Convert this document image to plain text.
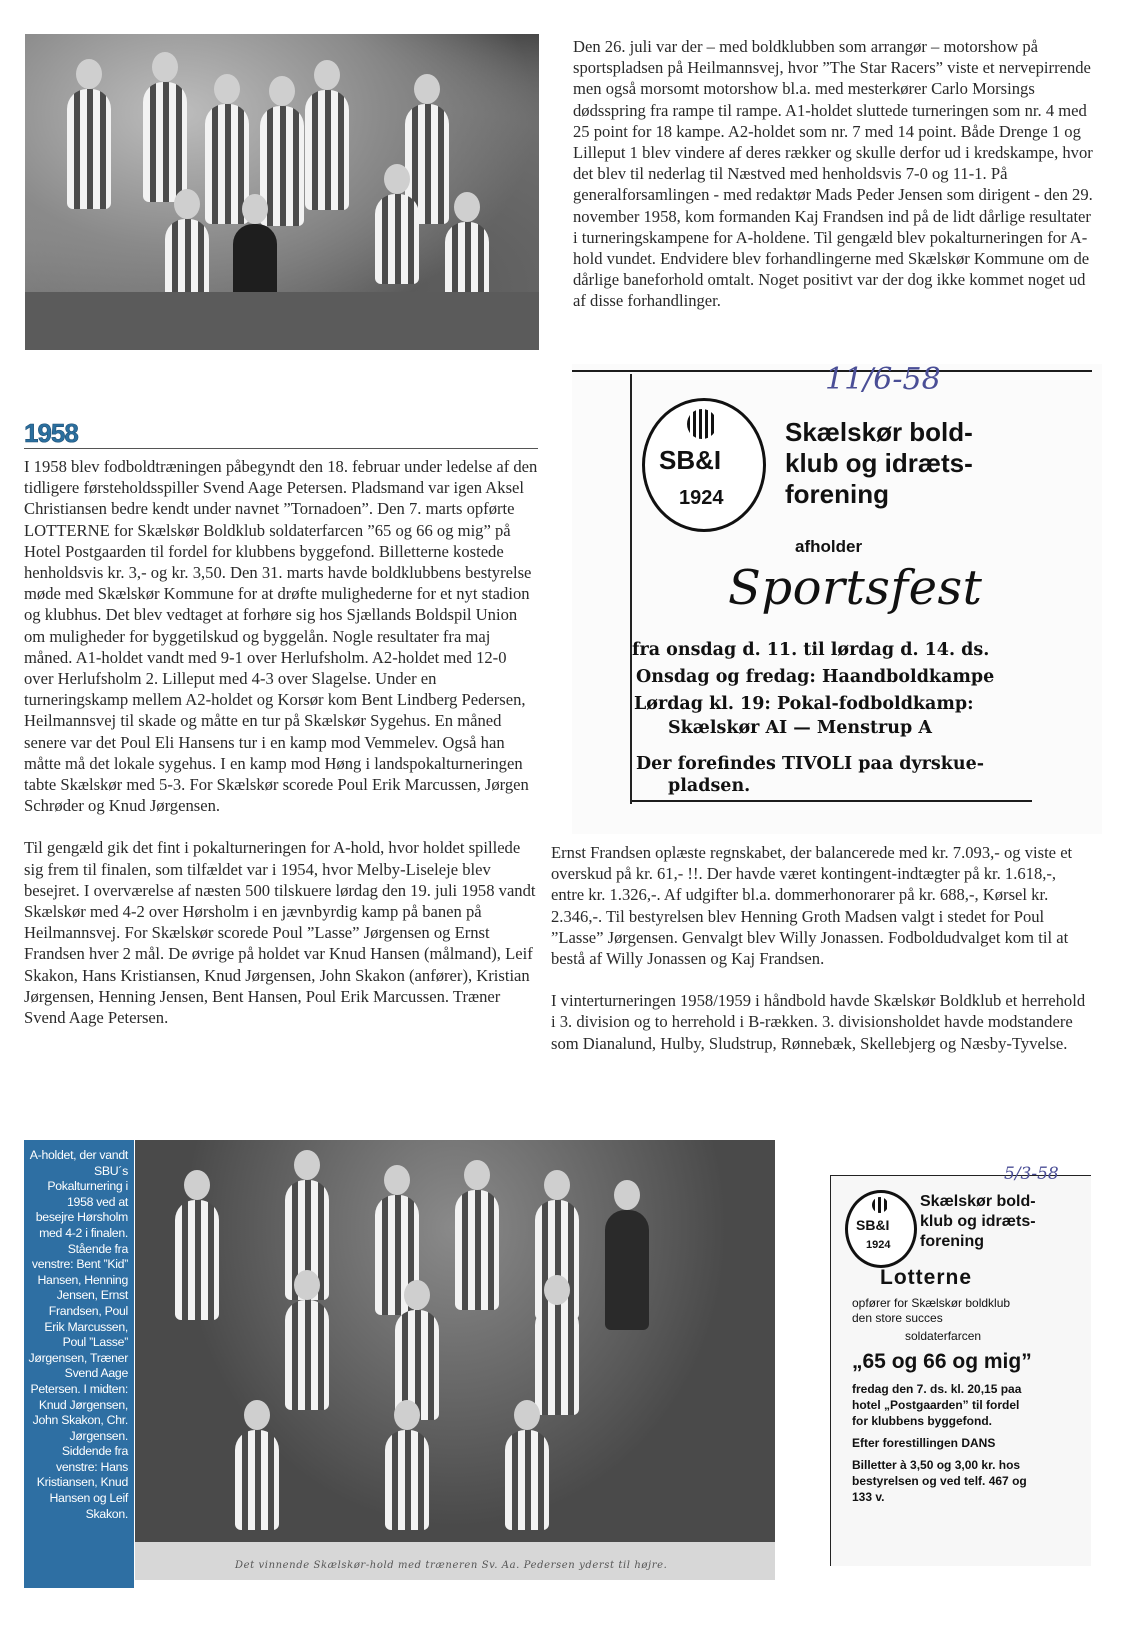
2. holdet 1957. Stående fra venstre: Tommy Bune, Per Jensen, Vagn-Aage Andersen, Eivind Johnsen og Walther Larsen. I midten fra venstre: Ole Nielsen, John Schmidt og Leif Skakon. Forrest fra venstre: Carl-Erik Jensen, Ingo Jørgensen og Kurt Andersen.
1958

I 1958 blev fodboldtræningen påbegyndt den 18. februar under ledelse af den tidligere førsteholdsspiller Svend Aage Petersen. Pladsmand var igen Aksel Christiansen bedre kendt under navnet ”Tornadoen”. Den 7. marts opførte LOTTERNE for Skælskør Boldklub soldaterfarcen ”65 og 66 og mig” på Hotel Postgaarden til fordel for klubbens byggefond. Billetterne kostede henholdsvis kr. 3,- og kr. 3,50. Den 31. marts havde boldklubbens bestyrelse møde med Skælskør Kommune for at drøfte mulighederne for et nyt stadion og klubhus. Det blev vedtaget at forhøre sig hos Sjællands Boldspil Union om muligheder for byggetilskud og byggelån. Nogle resultater fra maj måned. A1-holdet vandt med 9-1 over Herlufsholm. A2-holdet med 12-0 over Herlufsholm 2. Lilleput med 4-3 over Slagelse. Under en turneringskamp mellem A2-holdet og Korsør kom Bent Lindberg Pedersen, Heilmannsvej til skade og måtte en tur på Skælskør Sygehus. En måned senere var det Poul Eli Hansens tur i en kamp mod Vemmelev. Også han måtte må det lokale sygehus. I en kamp mod Høng i landspokalturneringen tabte Skælskør med 5-3. For Skælskør scorede Poul Erik Marcussen, Jørgen Schrøder og Knud Jørgensen.

Til gengæld gik det fint i pokalturneringen for A-hold, hvor holdet spillede sig frem til finalen, som tilfældet var i 1954, hvor Melby-Liseleje blev besejret. I overværelse af næsten 500 tilskuere lørdag den 19. juli 1958 vandt Skælskør med 4-2 over Hørsholm i en jævnbyrdig kamp på banen på Heilmannsvej. For Skælskør scorede Poul ”Lasse” Jørgensen og Ernst Frandsen hver 2 mål. De øvrige på holdet var Knud Hansen (målmand), Leif Skakon, Hans Kristiansen, Knud Jørgensen, John Skakon (anfører), Kristian Jørgensen, Henning Jensen, Bent Hansen, Poul Erik Marcussen. Træner Svend Aage Petersen.

Den 26. juli var der – med boldklubben som arrangør – motorshow på sportspladsen på Heilmannsvej, hvor ”The Star Racers” viste et nervepirrende men også morsomt motorshow bl.a. med mesterkører Carlo Morsings dødsspring fra rampe til rampe. A1-holdet sluttede turneringen som nr. 4 med 25 point for 18 kampe. A2-holdet som nr. 7 med 14 point. Både Drenge 1 og Lilleput 1 blev vindere af deres rækker og skulle derfor ud i kredskampe, hvor det blev til nederlag til Næstved med henholdsvis 7-0 og 11-1. På generalforsamlingen - med redaktør Mads Peder Jensen som dirigent - den 29. november 1958, kom formanden Kaj Frandsen ind på de lidt dårlige resultater i turneringskampene for A-holdene. Til gengæld blev pokalturneringen for A-hold vundet. Endvidere blev forhandlingerne med Skælskør Kommune om de dårlige baneforhold omtalt. Noget positivt var der dog ikke kommet noget ud af disse forhandlinger.

11/6-58
SB&I
1924
Skælskør bold-
klub og idræts-
forening
afholder
Sportsfest
fra onsdag d. 11. til lørdag d. 14. ds.
Onsdag og fredag: Haandboldkampe
Lørdag kl. 19: Pokal-fodboldkamp:
Skælskør AI — Menstrup A
Der forefindes TIVOLI paa dyrskue-
pladsen.

Ernst Frandsen oplæste regnskabet, der balancerede med kr. 7.093,- og viste et overskud på kr. 61,- !!. Der havde været kontingent-indtægter på kr. 1.618,-, entre kr. 1.326,-. Af udgifter bl.a. dommerhonorarer på kr. 688,-, Kørsel kr. 2.346,-. Til bestyrelsen blev Henning Groth Madsen valgt i stedet for Poul ”Lasse” Jørgensen. Genvalgt blev Willy Jonassen. Fodboldudvalget kom til at bestå af Willy Jonassen og Kaj Frandsen.

I vinterturneringen 1958/1959 i håndbold havde Skælskør Boldklub et herrehold i 3. division og to herrehold i B-rækken. 3. divisionsholdet havde modstandere som Dianalund, Hulby, Sludstrup, Rønnebæk, Skellebjerg og Næsby-Tyvelse.

A-holdet, der vandt SBU´s Pokalturnering i 1958 ved at besejre Hørsholm med 4-2 i finalen. Stående fra venstre: Bent ”Kid” Hansen, Henning Jensen, Ernst Frandsen, Poul Erik Marcussen, Poul ”Lasse” Jørgensen, Træner Svend Aage Petersen. I midten: Knud Jørgensen, John Skakon, Chr. Jørgensen. Siddende fra venstre: Hans Kristiansen, Knud Hansen og Leif Skakon.
Det vinnende Skælskør-hold med træneren Sv. Aa. Pedersen yderst til højre.
5/3-58
SB&I
1924
Skælskør bold-
klub og idræts-
forening
Lotterne
opfører for Skælskør boldklub
den store succes
soldaterfarcen
„65 og 66 og mig”
fredag den 7. ds. kl. 20,15 paa
hotel „Postgaarden” til fordel
for klubbens byggefond.
Efter forestillingen DANS
Billetter à 3,50 og 3,00 kr. hos
bestyrelsen og ved telf. 467 og
133 v.
